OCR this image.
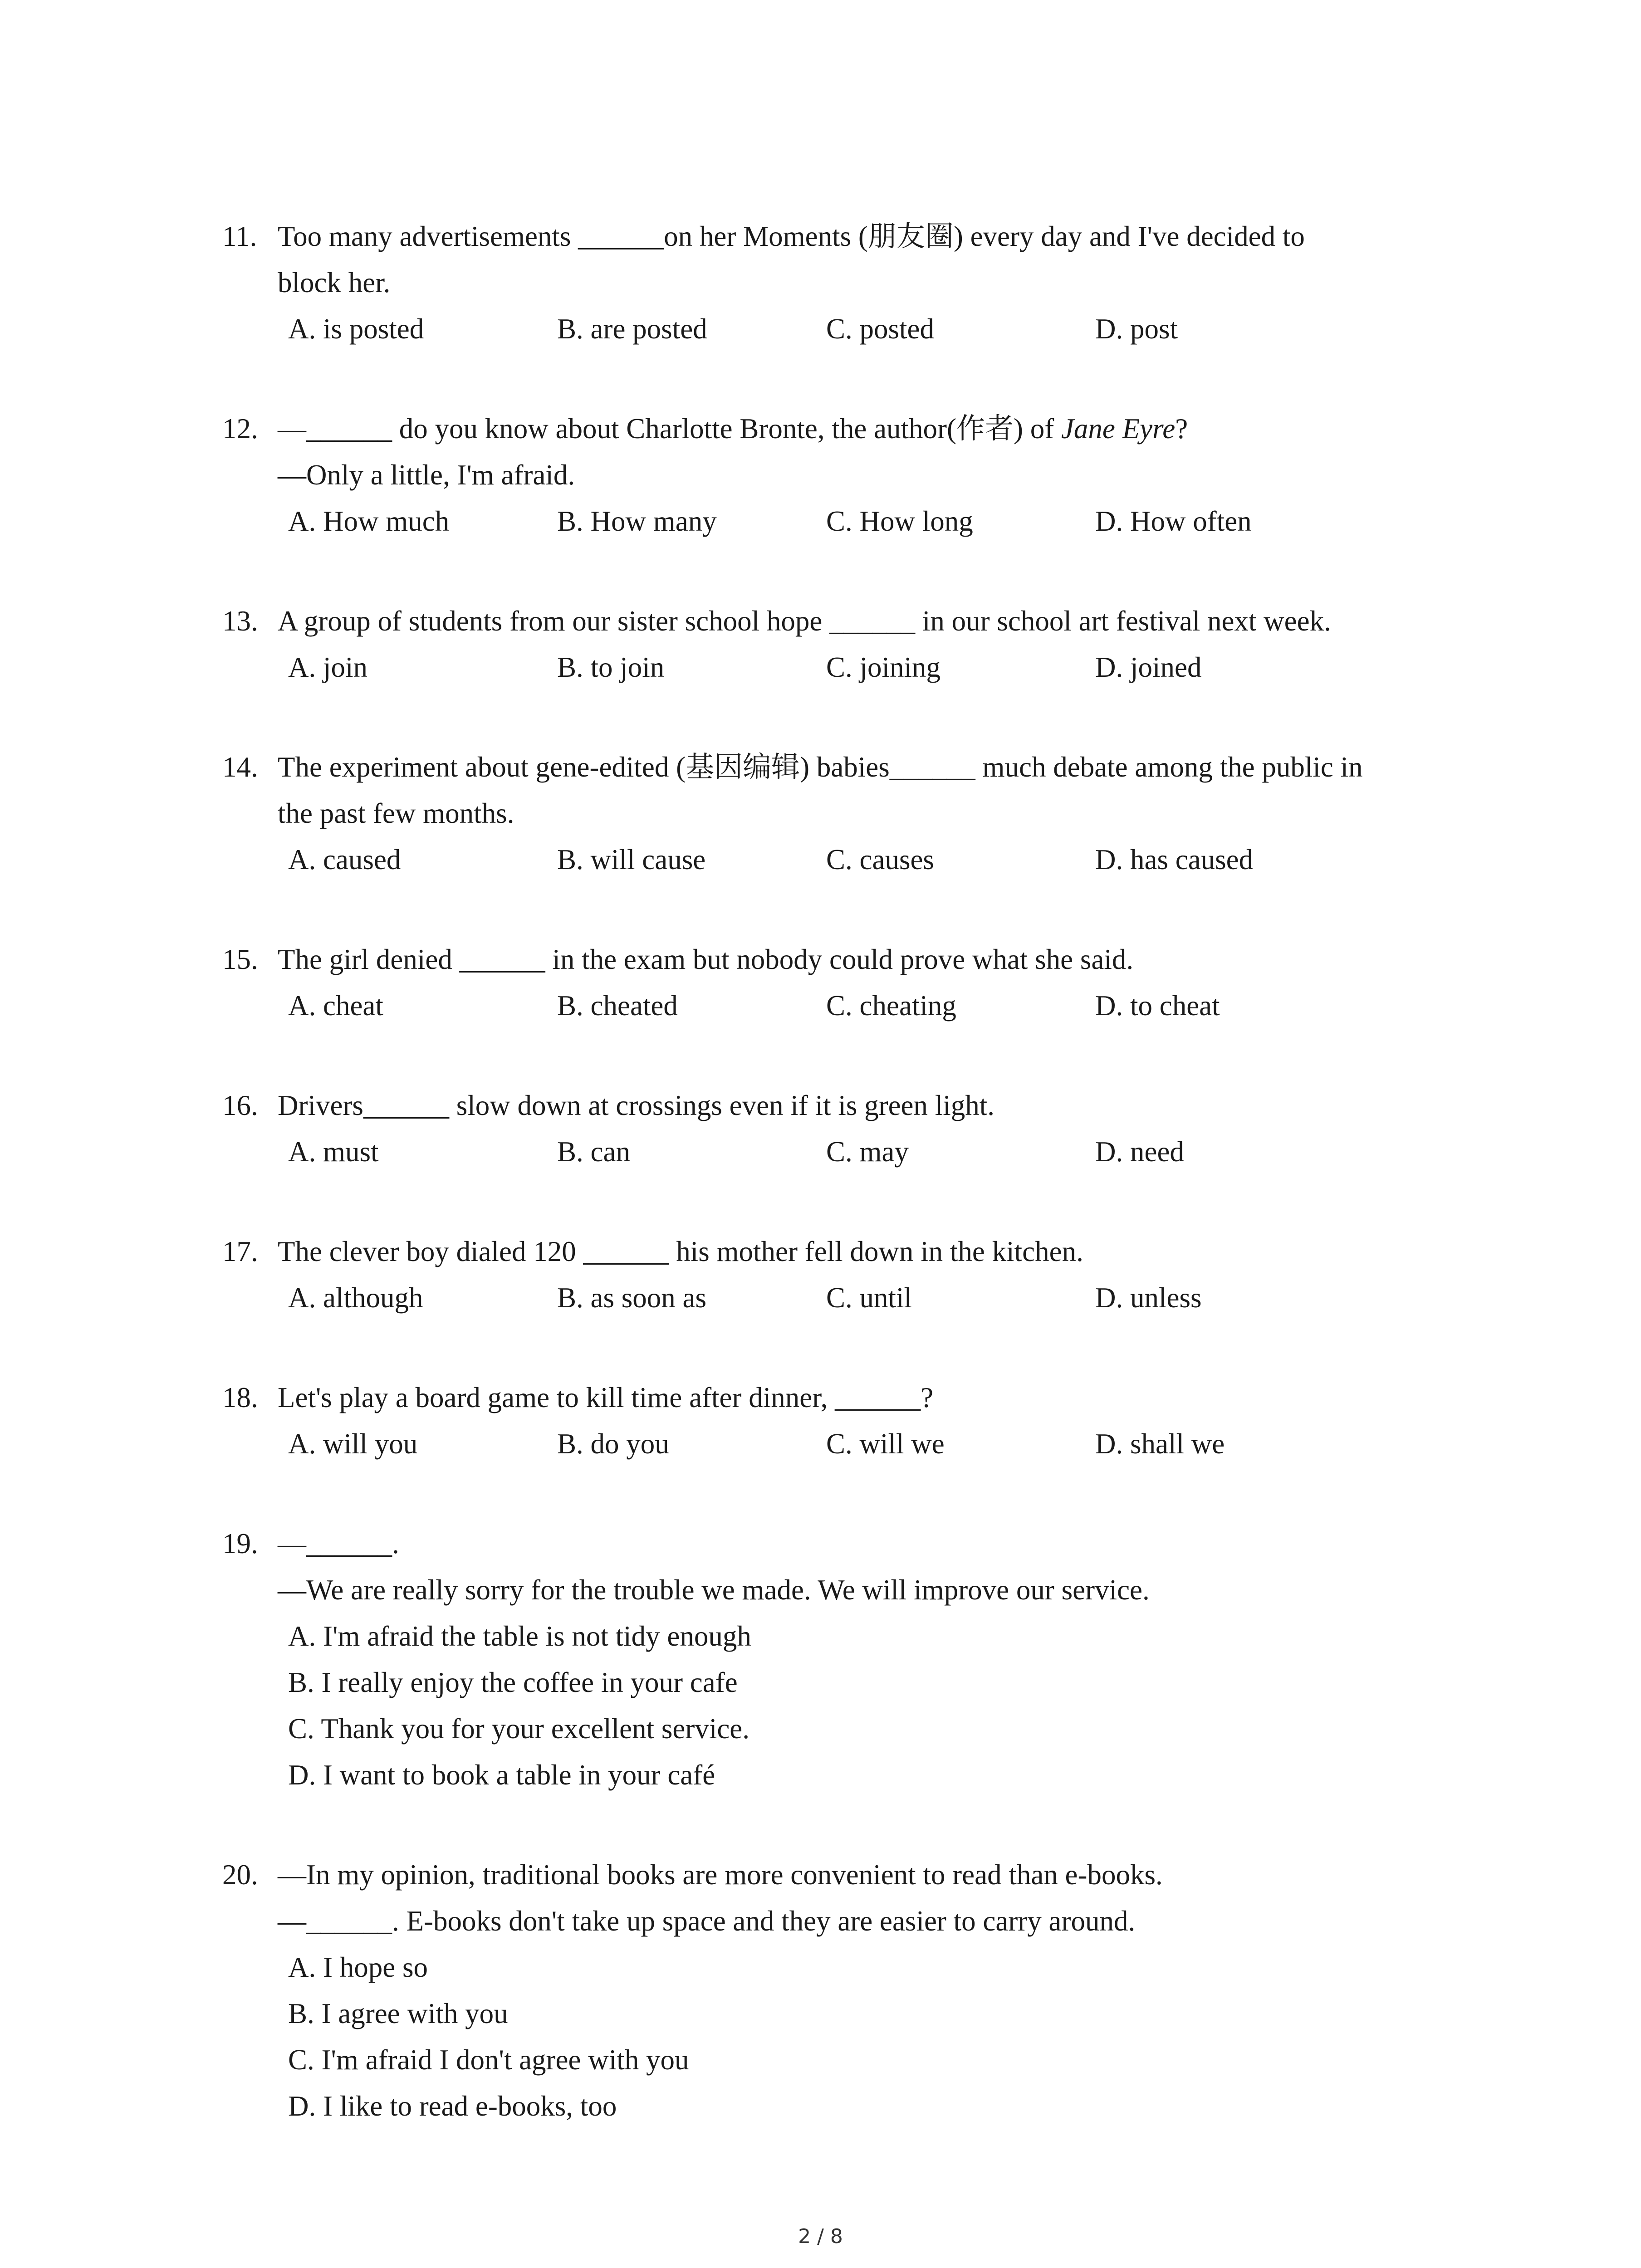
11. Too many advertisements ______on her Moments (朋友圈) every day and I've decided to
block her.
A. is posted	B. are posted	C. posted	D. post
12. —______ do you know about Charlotte Bronte, the author(作者) of Jane Eyre?
—Only a little, I'm afraid.
A. How much	B. How many	C. How long	D. How often
13. A group of students from our sister school hope ______ in our school art festival next week.
A. join	B. to join	C. joining	D. joined
14. The experiment about gene-edited (基因编辑) babies______ much debate among the public in
the past few months.
A. caused	B. will cause	C. causes	D. has caused
15. The girl denied ______ in the exam but nobody could prove what she said.
A. cheat	B. cheated	C. cheating	D. to cheat
16. Drivers______ slow down at crossings even if it is green light.
A. must	B. can	C. may	D. need
17. The clever boy dialed 120 ______ his mother fell down in the kitchen.
A. although	B. as soon as	C. until	D. unless
18. Let's play a board game to kill time after dinner, ______?
A. will you	B. do you	C. will we	D. shall we
19. —______.
—We are really sorry for the trouble we made. We will improve our service.
A. I'm afraid the table is not tidy enough
B. I really enjoy the coffee in your cafe
C. Thank you for your excellent service.
D. I want to book a table in your café
20. —In my opinion, traditional books are more convenient to read than e-books.
—______. E-books don't take up space and they are easier to carry around.
A. I hope so
B. I agree with you
C. I'm afraid I don't agree with you
D. I like to read e-books, too
2 / 8
